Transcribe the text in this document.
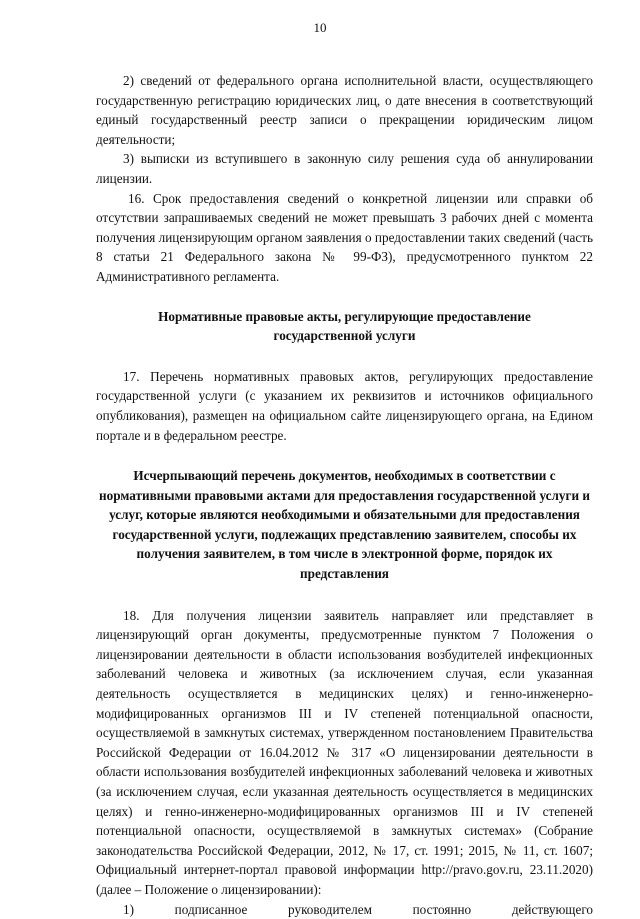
10

2) сведений от федерального органа исполнительной власти, осуществляющего государственную регистрацию юридических лиц, о дате внесения в соответствующий единый государственный реестр записи о прекращении юридическим лицом деятельности;

3) выписки из вступившего в законную силу решения суда об аннулировании лицензии.

16. Срок предоставления сведений о конкретной лицензии или справки об отсутствии запрашиваемых сведений не может превышать 3 рабочих дней с момента получения лицензирующим органом заявления о предоставлении таких сведений (часть 8 статьи 21 Федерального закона № 99-ФЗ), предусмотренного пунктом 22 Административного регламента.

Нормативные правовые акты, регулирующие предоставление государственной услуги

17. Перечень нормативных правовых актов, регулирующих предоставление государственной услуги (с указанием их реквизитов и источников официального опубликования), размещен на официальном сайте лицензирующего органа, на Едином портале и в федеральном реестре.

Исчерпывающий перечень документов, необходимых в соответствии с нормативными правовыми актами для предоставления государственной услуги и услуг, которые являются необходимыми и обязательными для предоставления государственной услуги, подлежащих представлению заявителем, способы их получения заявителем, в том числе в электронной форме, порядок их представления

18. Для получения лицензии заявитель направляет или представляет в лицензирующий орган документы, предусмотренные пунктом 7 Положения о лицензировании деятельности в области использования возбудителей инфекционных заболеваний человека и животных (за исключением случая, если указанная деятельность осуществляется в медицинских целях) и генно-инженерно-модифицированных организмов III и IV степеней потенциальной опасности, осуществляемой в замкнутых системах, утвержденном постановлением Правительства Российской Федерации от 16.04.2012 № 317 «О лицензировании деятельности в области использования возбудителей инфекционных заболеваний человека и животных (за исключением случая, если указанная деятельность осуществляется в медицинских целях) и генно-инженерно-модифицированных организмов III и IV степеней потенциальной опасности, осуществляемой в замкнутых системах» (Собрание законодательства Российской Федерации, 2012, № 17, ст. 1991; 2015, № 11, ст. 1607; Официальный интернет-портал правовой информации http://pravo.gov.ru, 23.11.2020) (далее – Положение о лицензировании):

1) подписанное руководителем постоянно действующего
